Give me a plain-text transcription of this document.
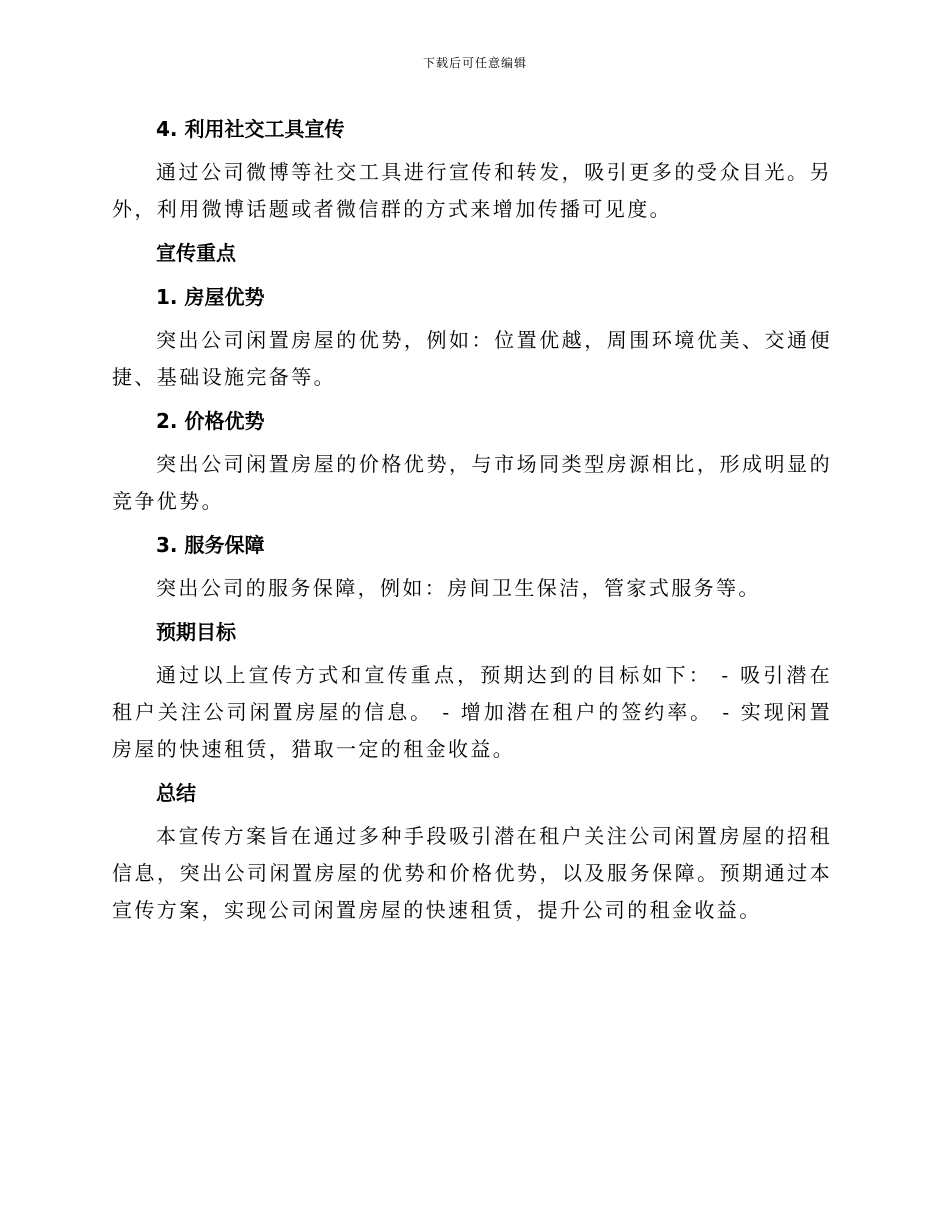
下载后可任意编辑
4. 利用社交工具宣传

通过公司微博等社交工具进行宣传和转发，吸引更多的受众目光。另外，利用微博话题或者微信群的方式来增加传播可见度。

宣传重点
1. 房屋优势

突出公司闲置房屋的优势，例如：位置优越，周围环境优美、交通便捷、基础设施完备等。

2. 价格优势

突出公司闲置房屋的价格优势，与市场同类型房源相比，形成明显的竞争优势。

3. 服务保障

突出公司的服务保障，例如：房间卫生保洁，管家式服务等。

预期目标

通过以上宣传方式和宣传重点，预期达到的目标如下： - 吸引潜在租户关注公司闲置房屋的信息。 - 增加潜在租户的签约率。 - 实现闲置房屋的快速租赁，猎取一定的租金收益。

总结

本宣传方案旨在通过多种手段吸引潜在租户关注公司闲置房屋的招租信息，突出公司闲置房屋的优势和价格优势，以及服务保障。预期通过本宣传方案，实现公司闲置房屋的快速租赁，提升公司的租金收益。
